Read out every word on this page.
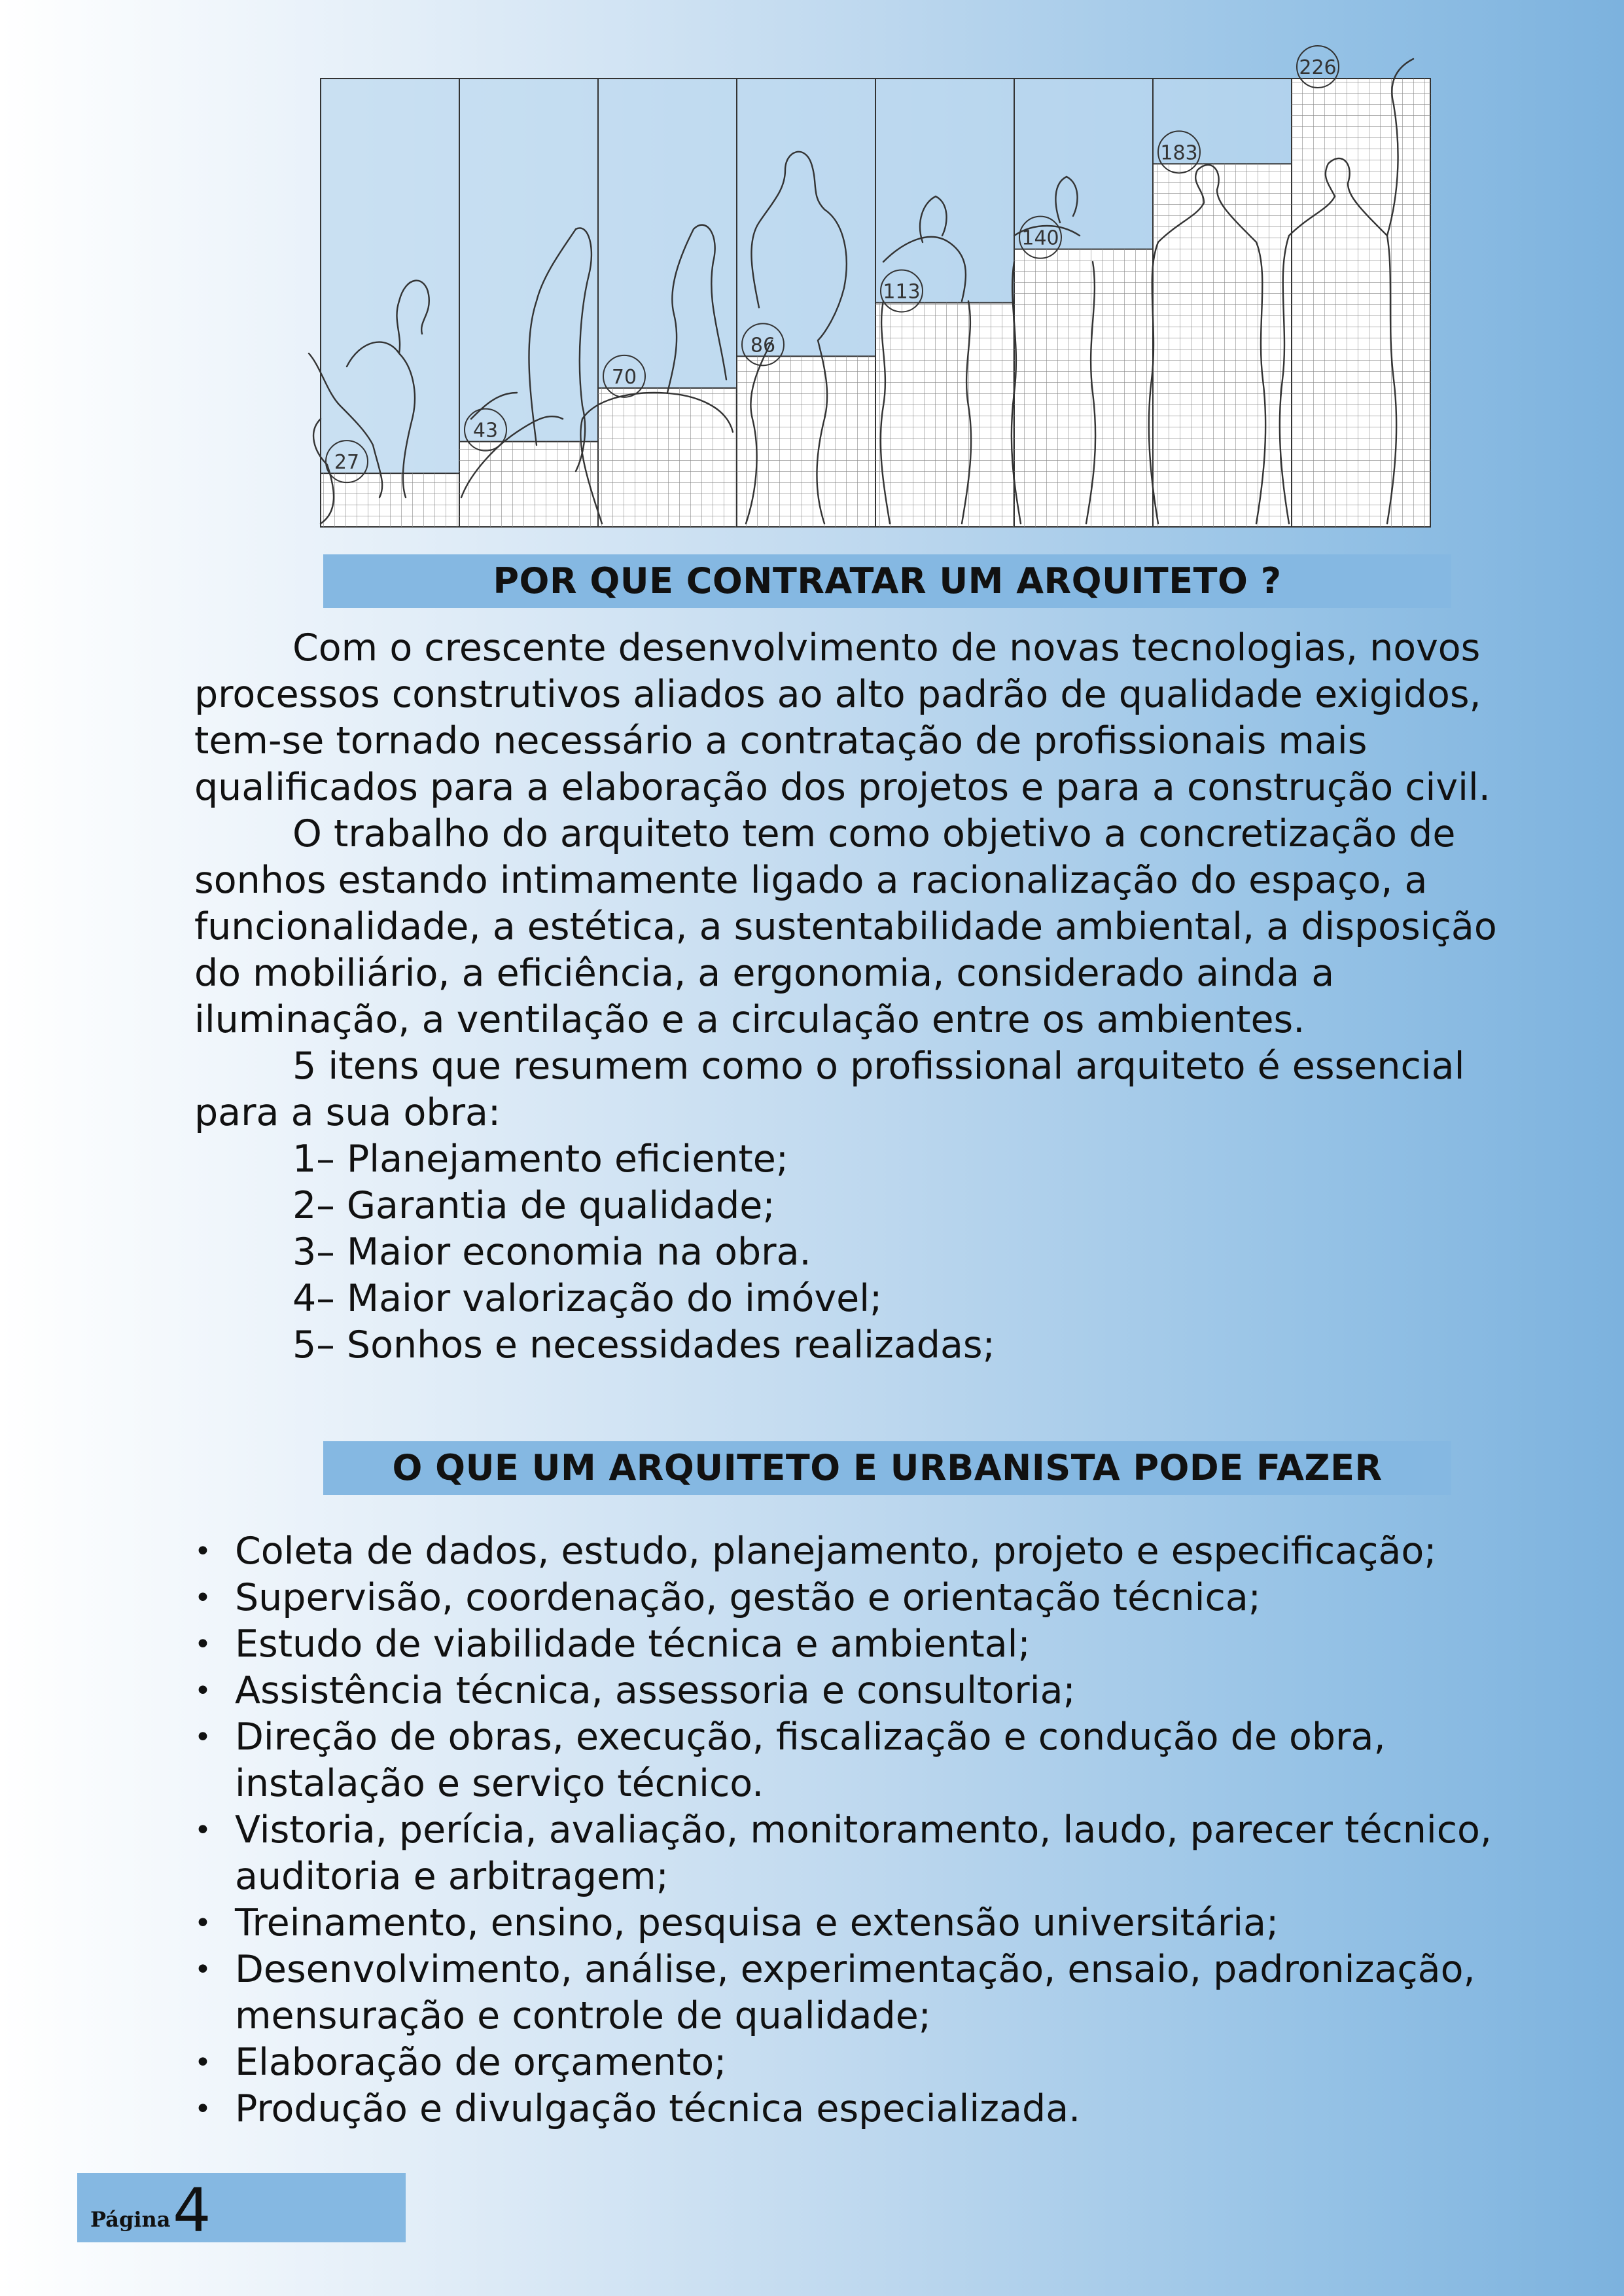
27
43
70
86
113
140
183
226
POR QUE CONTRATAR UM ARQUITETO ?

Com o crescente desenvolvimento de novas tecnologias, novos processos construtivos aliados ao alto padrão de qualidade exigidos, tem-se tornado necessário a contratação de profissionais mais qualificados para a elaboração dos projetos e para a construção civil.

O trabalho do arquiteto tem como objetivo a concretização de sonhos estando intimamente ligado a racionalização do espaço, a funcionalidade, a estética, a sustentabilidade ambiental, a disposição do mobiliário, a eficiência, a ergonomia, considerado ainda a iluminação, a ventilação e a circulação entre os ambientes.

5 itens que resumem como o profissional arquiteto é essencial para a sua obra:

1– Planejamento eficiente;

2– Garantia de qualidade;

3– Maior economia na obra.

4– Maior valorização do imóvel;

5– Sonhos e necessidades realizadas;

O QUE UM ARQUITETO E URBANISTA PODE FAZER
• Coleta de dados, estudo, planejamento, projeto e especificação;
• Supervisão, coordenação, gestão e orientação técnica;
• Estudo de viabilidade técnica e ambiental;
• Assistência técnica, assessoria e consultoria;
• Direção de obras, execução, fiscalização e condução de obra, instalação e serviço técnico.
• Vistoria, perícia, avaliação, monitoramento, laudo, parecer técnico, auditoria e arbitragem;
• Treinamento, ensino, pesquisa e extensão universitária;
• Desenvolvimento, análise, experimentação, ensaio, padronização, mensuração e controle de qualidade;
• Elaboração de orçamento;
• Produção e divulgação técnica especializada.
Página 4
